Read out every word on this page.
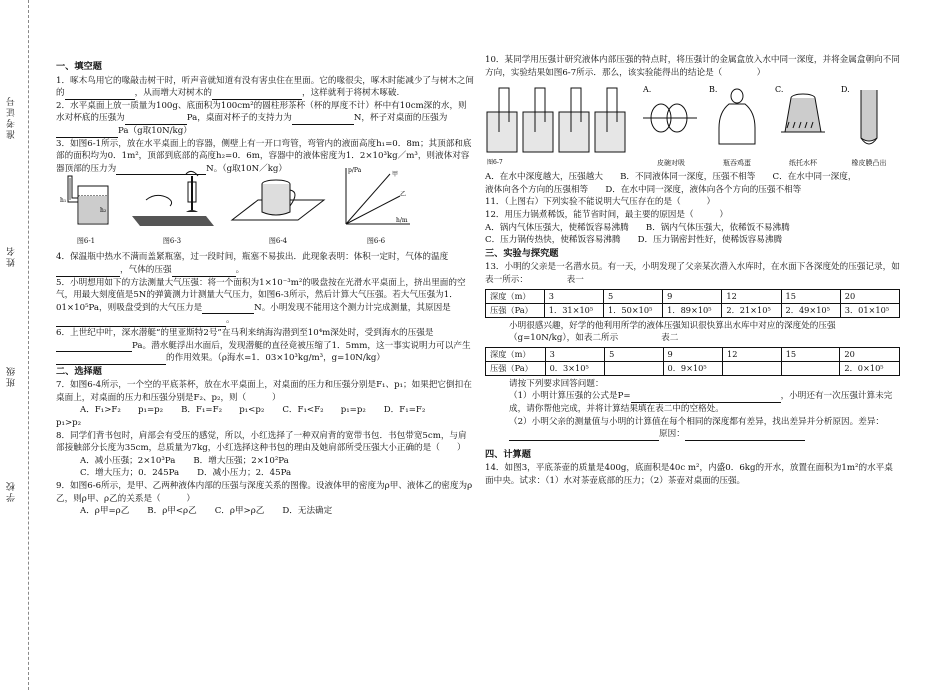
准考证号
姓名
班级
学校
一、填空题

1．啄木鸟用它的喙敲击树干时，听声音就知道有没有害虫住在里面。它的喙很尖，啄木时能减少了与树木之间的	，从而增大对树木的	，这样就利于将树木啄破.

2．水平桌面上放一质量为100g、底面积为100cm²的圆柱形茶杯（杯的厚度不计）杯中有10cm深的水，则水对杯底的压强为	Pa，桌面对杯子的支持力为	N，杯子对桌面的压强为Pa（g取10N/kg）

3．如图6-1所示，放在水平桌面上的容器，侧壁上有一开口弯管，弯管内的液面高度h₁=0．8m；其顶部和底部的面积均为0．1m²，顶部到底部的高度h₂=0．6m，容器中的液体密度为1．2×10³kg／m³，则液体对容器顶部的压力为	N。（g取10N／kg）

h₁
h₂
图6-1	图6-3	图6-4
p/Pa
甲
乙
h/m
图6-6

4．保温瓶中热水不满而盖紧瓶塞，过一段时间，瓶塞不易拔出．此现象表明：体积一定时，气体的温度，气体的压强	。

5．小明想用如下的方法测量大气压强：将一个面积为1×10⁻³m²的吸盘按在光滑水平桌面上，挤出里面的空气，用最大刻度值是5N的弹簧测力计测量大气压力，如图6-3所示，然后计算大气压强。若大气压强为1．01×10⁵Pa，则吸盘受到的大气压力是	N。小明发现不能用这个测力计完成测量，其原因是。

6．上世纪中叶，深水潜艇“的里亚斯特2号”在马利来纳海沟潜到至10⁴m深处时，受到海水的压强是Pa。潜水艇浮出水面后，发现潜艇的直径竟被压缩了1．5mm，这一事实说明力可以产生的作用效果。（ρ海水=1．03×10³kg/m³，g=10N/kg）

二、选择题

7．如图6-4所示，一个空的平底茶杯，放在水平桌面上，对桌面的压力和压强分别是F₁、p₁；如果把它倒扣在桌面上，对桌面的压力和压强分别是F₂、p₂，则（　　　）

A．F₁>F₂　　p₁=p₂ B．F₁=F₂　　p₁<p₂ C．F₁<F₂　　p₁=p₂ D．F₁=F₂

p₁>p₂

8．同学们背书包时，肩部会有受压的感觉，所以，小红选择了一种双肩背的宽带书包．书包带宽5cm，与肩部接触部分长度为35cm，总质量为7kg，小红选择这种书包的理由及她肩部所受压强大小正确的是（　　）

A．减小压强；2×10³Pa B．增大压强；2×10²Pa
C．增大压力；0．245Pa D．减小压力；2．45Pa

9．如图6-6所示，是甲、乙两种液体内部的压强与深度关系的图像。设液体甲的密度为ρ甲、液体乙的密度为ρ乙，则ρ甲、ρ乙的关系是（　　　）

A．ρ甲=ρ乙 B．ρ甲<ρ乙 C．ρ甲>ρ乙 D．无法确定

10．某同学用压强计研究液体内部压强的特点时，将压强计的金属盒放入水中同一深度，并将金属盒朝向不同方向，实验结果如图6-7所示．那么，该实验能得出的结论是（　　　　）

图6-7
A.
皮碗对吸
B.
瓶吞鸡蛋
C.
纸托水杯
D.
橡皮膜凸出

A．在水中深度越大，压强越大　　B．不同液体同一深度，压强不相等　　C．在水中同一深度，

液体向各个方向的压强相等　　D．在水中同一深度，液体向各个方向的压强不相等

11．（上图右）下列实验不能说明大气压存在的是（　　　）

12．用压力锅煮稀饭，能节省时间，最主要的原因是（　　　）

A．锅内气体压强大，使稀饭容易沸腾　　B．锅内气体压强大，依稀饭不易沸腾

C．压力锅传热快，使稀饭容易沸腾　　D．压力锅密封性好，使稀饭容易沸腾

三、实验与探究题

13．小明的父亲是一名潜水员。有一天，小明发现了父亲某次潜入水库时，在水面下各深度处的压强记录，如表一所示：　　　　　表一

深度（m）	3	5	9	12	15	20
压强（Pa）	1．31×10⁵	1．50×10⁵	1．89×10⁵	2．21×10⁵	2．49×10⁵	3．01×10⁵

小明很感兴趣，好学的他利用所学的液体压强知识很快算出水库中对应的深度处的压强（g=10N/kg），如表二所示　　　　　表二

深度（m）	3	5	9	12	15	20
压强（Pa）	0．3×10⁵		0．9×10⁵			2．0×10⁵

请按下列要求回答问题：

（1）小明计算压强的公式是P=	，小明还有一次压强计算未完成，请你帮他完成，并将计算结果填在表二中的空格处。

（2）小明父亲的测量值与小明的计算值在每个相同的深度都有差异，找出差异并分析原因。差异：原因：

四、计算题

14．如图3，平底茶壶的质量是400g，底面积是40c m²，内盛0．6kg的开水，放置在面积为1m²的水平桌面中央。试求：（1）水对茶壶底部的压力；（2）茶壶对桌面的压强。
